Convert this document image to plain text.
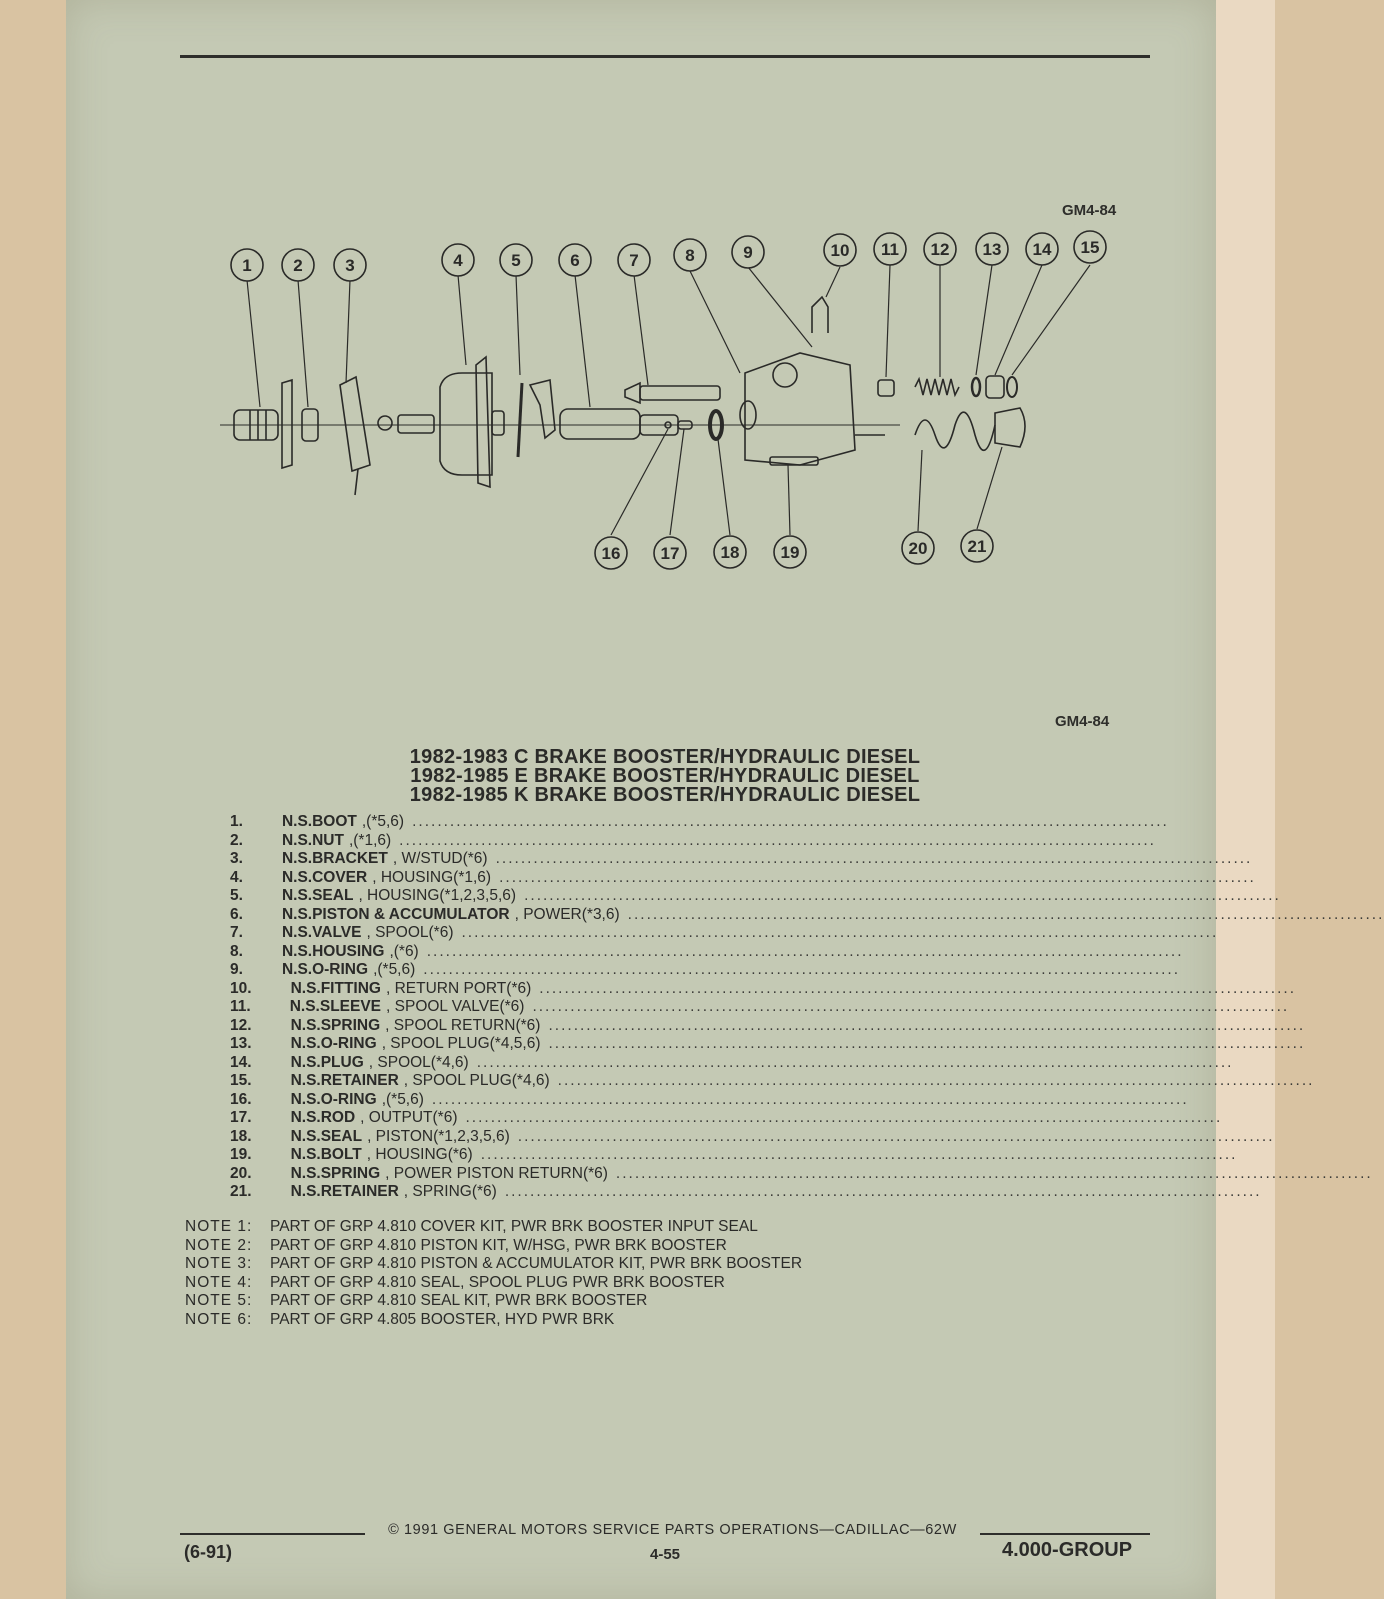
GM4-84
1 2	3	4	5	6	7	8	9	10 11 12 13 14 15
16 17 18 19	20 21
GM4-84
1982-1983 C BRAKE BOOSTER/HYDRAULIC DIESEL
1982-1985 E BRAKE BOOSTER/HYDRAULIC DIESEL
1982-1985 K BRAKE BOOSTER/HYDRAULIC DIESEL
1.	N.S. BOOT ,(*5,6) ........................................................................................................................
2.	N.S. NUT ,(*1,6) ........................................................................................................................
3.	N.S. BRACKET , W/STUD(*6) ........................................................................................................................
4.	N.S. COVER , HOUSING(*1,6) ........................................................................................................................
5.	N.S. SEAL , HOUSING(*1,2,3,5,6) ........................................................................................................................
6.	N.S. PISTON & ACCUMULATOR , POWER(*3,6) ........................................................................................................................
7.	N.S. VALVE , SPOOL(*6) ........................................................................................................................
8.	N.S. HOUSING ,(*6) ........................................................................................................................
9.	N.S. O-RING ,(*5,6) ........................................................................................................................
10.	N.S. FITTING , RETURN PORT(*6) ........................................................................................................................
11.	N.S. SLEEVE , SPOOL VALVE(*6) ........................................................................................................................
12.	N.S. SPRING , SPOOL RETURN(*6) ........................................................................................................................
13.	N.S. O-RING , SPOOL PLUG(*4,5,6) ........................................................................................................................
14.	N.S. PLUG , SPOOL(*4,6) ........................................................................................................................
15.	N.S. RETAINER , SPOOL PLUG(*4,6) ........................................................................................................................
16.	N.S. O-RING ,(*5,6) ........................................................................................................................
17.	N.S. ROD , OUTPUT(*6) ........................................................................................................................
18.	N.S. SEAL , PISTON(*1,2,3,5,6) ........................................................................................................................
19.	N.S. BOLT , HOUSING(*6) ........................................................................................................................
20.	N.S. SPRING , POWER PISTON RETURN(*6) ........................................................................................................................
21.	N.S. RETAINER , SPRING(*6) ........................................................................................................................
NOTE 1: PART OF GRP 4.810 COVER KIT, PWR BRK BOOSTER INPUT SEAL
NOTE 2: PART OF GRP 4.810 PISTON KIT, W/HSG, PWR BRK BOOSTER
NOTE 3: PART OF GRP 4.810 PISTON & ACCUMULATOR KIT, PWR BRK BOOSTER
NOTE 4: PART OF GRP 4.810 SEAL, SPOOL PLUG PWR BRK BOOSTER
NOTE 5: PART OF GRP 4.810 SEAL KIT, PWR BRK BOOSTER
NOTE 6: PART OF GRP 4.805 BOOSTER, HYD PWR BRK
© 1991 GENERAL MOTORS SERVICE PARTS OPERATIONS—CADILLAC—62W
(6-91)	4-55	4.000-GROUP
